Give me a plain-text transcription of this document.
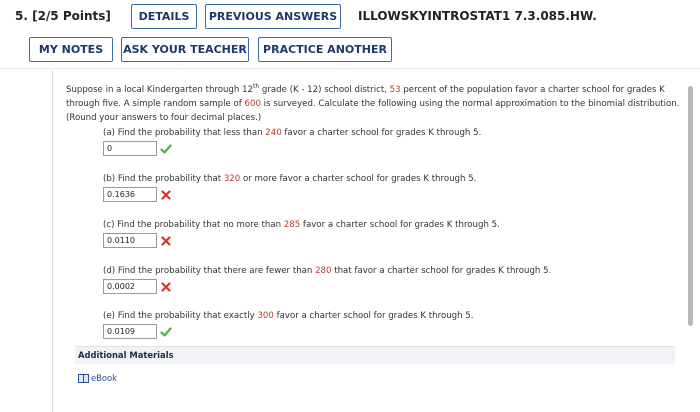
5. [2/5 Points]	DETAILS	PREVIOUS ANSWERS	ILLOWSKYINTROSTAT1 7.3.085.HW.
MY NOTES	ASK YOUR TEACHER	PRACTICE ANOTHER
Suppose in a local Kindergarten through 12th grade (K - 12) school district, 53 percent of the population favor a charter school for grades K through five. A simple random sample of 600 is surveyed. Calculate the following using the normal approximation to the binomial distribution. (Round your answers to four decimal places.)
(a) Find the probability that less than 240 favor a charter school for grades K through 5.
0
(b) Find the probability that 320 or more favor a charter school for grades K through 5.
0.1636
(c) Find the probability that no more than 285 favor a charter school for grades K through 5.
0.0110
(d) Find the probability that there are fewer than 280 that favor a charter school for grades K through 5.
0.0002
(e) Find the probability that exactly 300 favor a charter school for grades K through 5.
0.0109
Additional Materials
eBook
